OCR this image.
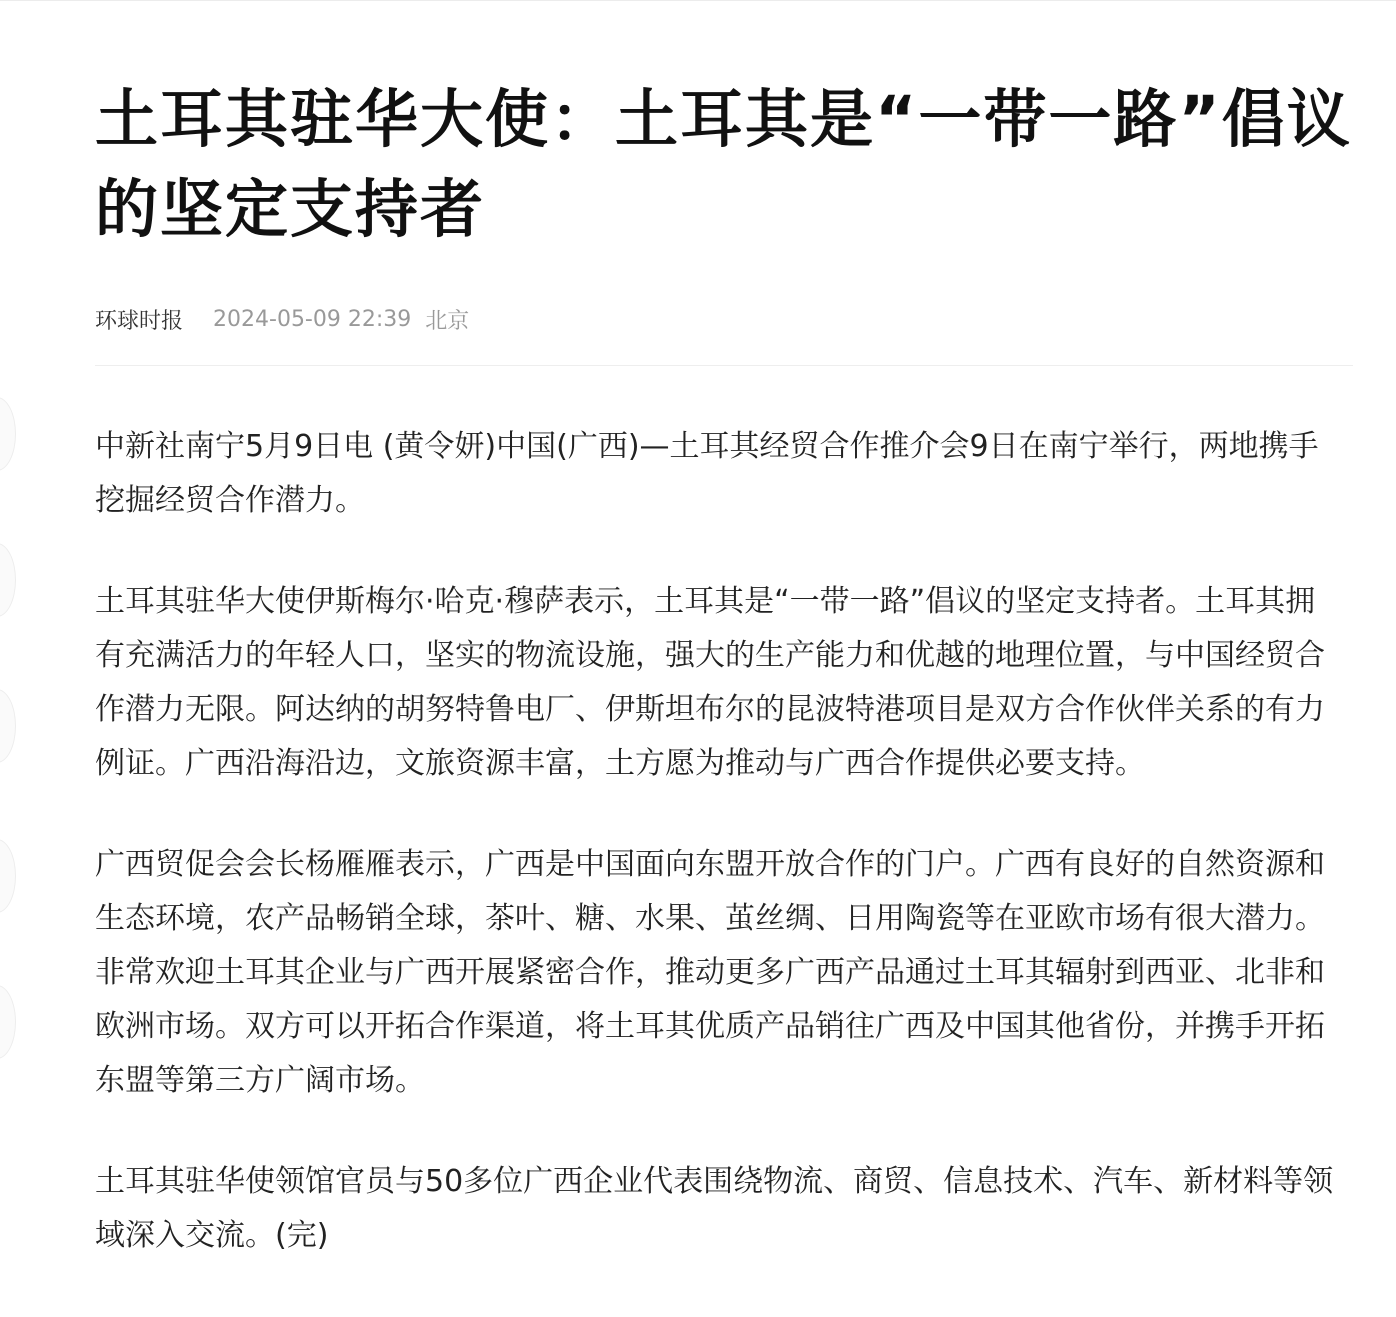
土耳其驻华大使：土耳其是“一带一路”倡议的坚定支持者
环球时报 2024-05-09 22:39 北京

中新社南宁5月9日电 (黄令妍)中国(广西)—土耳其经贸合作推介会9日在南宁举行，两地携手挖掘经贸合作潜力。

土耳其驻华大使伊斯梅尔·哈克·穆萨表示，土耳其是“一带一路”倡议的坚定支持者。土耳其拥有充满活力的年轻人口，坚实的物流设施，强大的生产能力和优越的地理位置，与中国经贸合作潜力无限。阿达纳的胡努特鲁电厂、伊斯坦布尔的昆波特港项目是双方合作伙伴关系的有力例证。广西沿海沿边，文旅资源丰富，土方愿为推动与广西合作提供必要支持。

广西贸促会会长杨雁雁表示，广西是中国面向东盟开放合作的门户。广西有良好的自然资源和生态环境，农产品畅销全球，茶叶、糖、水果、茧丝绸、日用陶瓷等在亚欧市场有很大潜力。非常欢迎土耳其企业与广西开展紧密合作，推动更多广西产品通过土耳其辐射到西亚、北非和欧洲市场。双方可以开拓合作渠道，将土耳其优质产品销往广西及中国其他省份，并携手开拓东盟等第三方广阔市场。

土耳其驻华使领馆官员与50多位广西企业代表围绕物流、商贸、信息技术、汽车、新材料等领域深入交流。(完)
